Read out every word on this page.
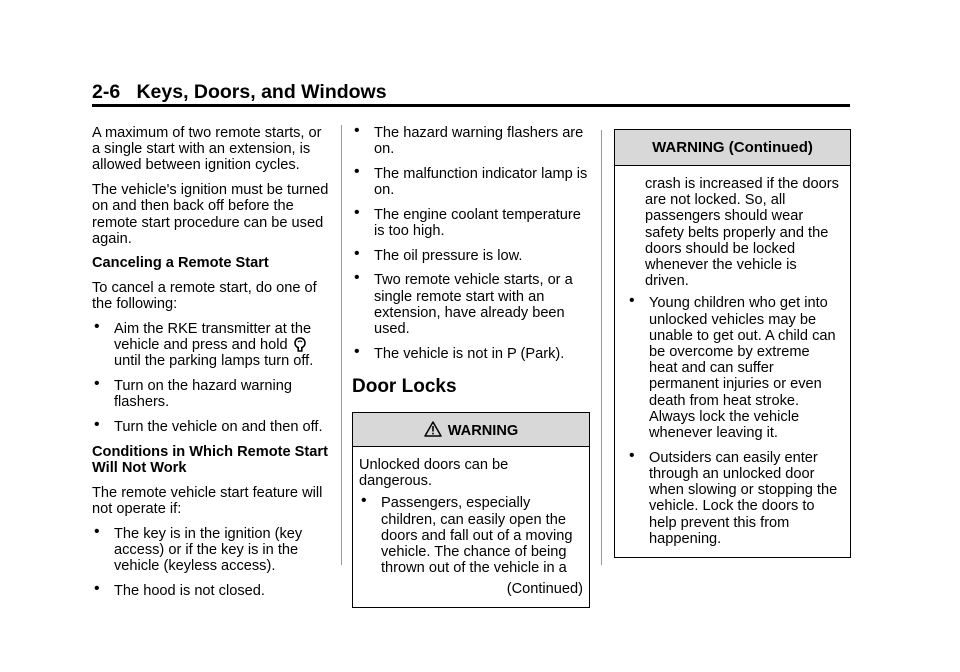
2-6 Keys, Doors, and Windows

A maximum of two remote starts, or a single start with an extension, is allowed between ignition cycles.

The vehicle's ignition must be turned on and then back off before the remote start procedure can be used again.

Canceling a Remote Start

To cancel a remote start, do one of the following:

• Aim the RKE transmitter at the vehicle and press and hold  until the parking lamps turn off.
• Turn on the hazard warning flashers.
• Turn the vehicle on and then off.

Conditions in Which Remote Start Will Not Work

The remote vehicle start feature will not operate if:

• The key is in the ignition (key access) or if the key is in the vehicle (keyless access).
• The hood is not closed.
• The hazard warning flashers are on.
• The malfunction indicator lamp is on.
• The engine coolant temperature is too high.
• The oil pressure is low.
• Two remote vehicle starts, or a single remote start with an extension, have already been used.
• The vehicle is not in P (Park).
Door Locks
WARNING

Unlocked doors can be dangerous.

• Passengers, especially children, can easily open the doors and fall out of a moving vehicle. The chance of being thrown out of the vehicle in a

(Continued)

WARNING (Continued)

crash is increased if the doors are not locked. So, all passengers should wear safety belts properly and the doors should be locked whenever the vehicle is driven.

• Young children who get into unlocked vehicles may be unable to get out. A child can be overcome by extreme heat and can suffer permanent injuries or even death from heat stroke. Always lock the vehicle whenever leaving it.
• Outsiders can easily enter through an unlocked door when slowing or stopping the vehicle. Lock the doors to help prevent this from happening.
